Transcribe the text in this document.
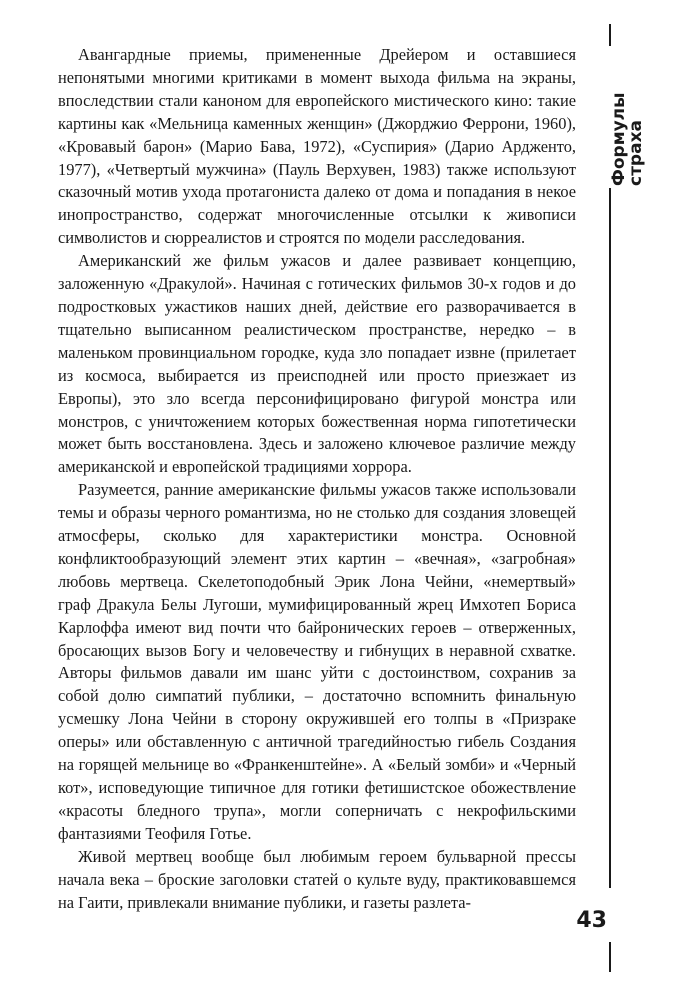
Авангардные приемы, примененные Дрейером и оставшиеся непонятыми многими критиками в момент выхода фильма на экраны, впоследствии стали каноном для европейского мистического кино: такие картины как «Мельница каменных женщин» (Джорджио Феррони, 1960), «Кровавый барон» (Марио Бава, 1972), «Суспирия» (Дарио Ардженто, 1977), «Четвертый мужчина» (Пауль Верхувен, 1983) также используют сказочный мотив ухода протагониста далеко от дома и попадания в некое инопространство, содержат многочисленные отсылки к живописи символистов и сюрреалистов и строятся по модели расследования.

Американский же фильм ужасов и далее развивает концепцию, заложенную «Дракулой». Начиная с готических фильмов 30-х годов и до подростковых ужастиков наших дней, действие его разворачивается в тщательно выписанном реалистическом пространстве, нередко – в маленьком провинциальном городке, куда зло попадает извне (прилетает из космоса, выбирается из преисподней или просто приезжает из Европы), это зло всегда персонифицировано фигурой монстра или монстров, с уничтожением которых божественная норма гипотетически может быть восстановлена. Здесь и заложено ключевое различие между американской и европейской традициями хоррора.

Разумеется, ранние американские фильмы ужасов также использовали темы и образы черного романтизма, но не столько для создания зловещей атмосферы, сколько для характеристики монстра. Основной конфликтообразующий элемент этих картин – «вечная», «загробная» любовь мертвеца. Скелетоподобный Эрик Лона Чейни, «немертвый» граф Дракула Белы Лугоши, мумифицированный жрец Имхотеп Бориса Карлоффа имеют вид почти что байронических героев – отверженных, бросающих вызов Богу и человечеству и гибнущих в неравной схватке. Авторы фильмов давали им шанс уйти с достоинством, сохранив за собой долю симпатий публики, – достаточно вспомнить финальную усмешку Лона Чейни в сторону окружившей его толпы в «Призраке оперы» или обставленную с античной трагедийностью гибель Создания на горящей мельнице во «Франкенштейне». А «Белый зомби» и «Черный кот», исповедующие типичное для готики фетишистское обожествление «красоты бледного трупа», могли соперничать с некрофильскими фантазиями Теофиля Готье.

Живой мертвец вообще был любимым героем бульварной прессы начала века – броские заголовки статей о культе вуду, практиковавшемся на Гаити, привлекали внимание публики, и газеты разлета-

Формулы
страха
43
